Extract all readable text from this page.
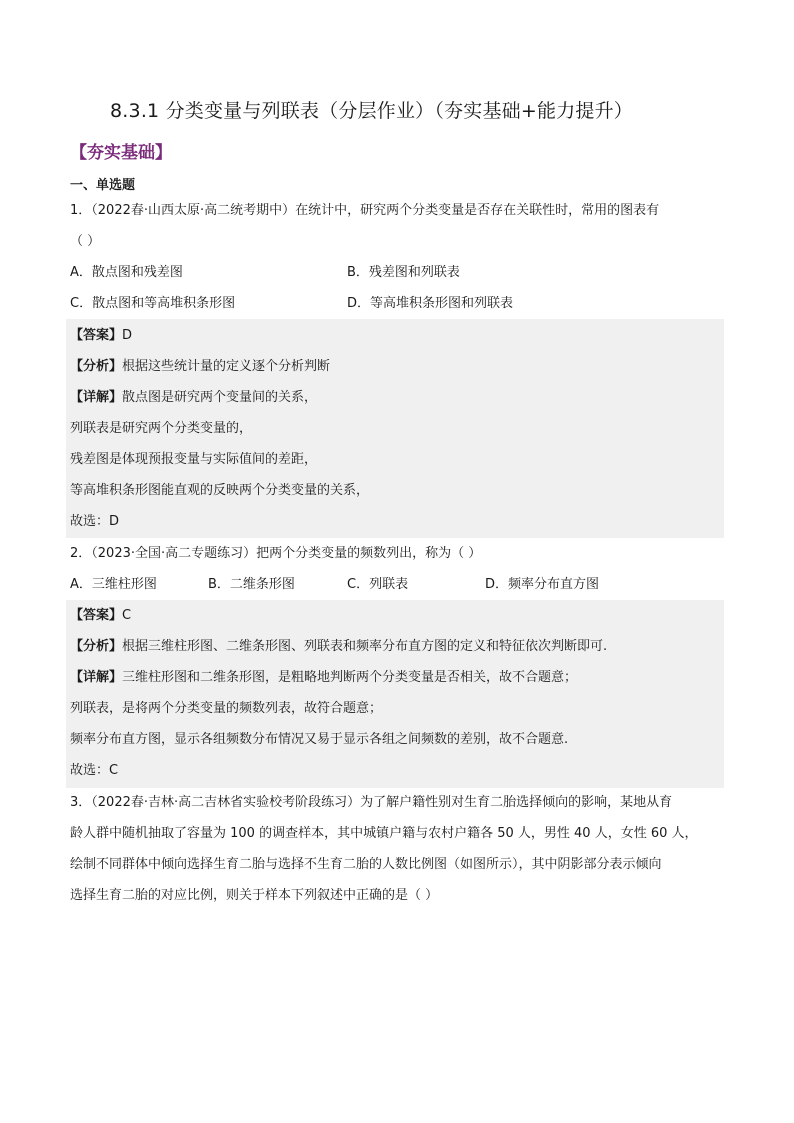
8.3.1 分类变量与列联表（分层作业）（夯实基础+能力提升）
【夯实基础】
一、单选题
1．（2022春·山西太原·高二统考期中）在统计中，研究两个分类变量是否存在关联性时，常用的图表有
（ ）
A．散点图和残差图	B．残差图和列联表
C．散点图和等高堆积条形图	D．等高堆积条形图和列联表
【答案】D
【分析】根据这些统计量的定义逐个分析判断
【详解】散点图是研究两个变量间的关系，
列联表是研究两个分类变量的，
残差图是体现预报变量与实际值间的差距，
等高堆积条形图能直观的反映两个分类变量的关系，
故选：D
2．（2023·全国·高二专题练习）把两个分类变量的频数列出，称为（ ）
A．三维柱形图	B．二维条形图	C．列联表	D．频率分布直方图
【答案】C
【分析】根据三维柱形图、二维条形图、列联表和频率分布直方图的定义和特征依次判断即可.
【详解】三维柱形图和二维条形图，是粗略地判断两个分类变量是否相关，故不合题意；
列联表，是将两个分类变量的频数列表，故符合题意；
频率分布直方图，显示各组频数分布情况又易于显示各组之间频数的差别，故不合题意.
故选：C
3．（2022春·吉林·高二吉林省实验校考阶段练习）为了解户籍性别对生育二胎选择倾向的影响，某地从育
龄人群中随机抽取了容量为 100 的调查样本，其中城镇户籍与农村户籍各 50 人，男性 40 人，女性 60 人，
绘制不同群体中倾向选择生育二胎与选择不生育二胎的人数比例图（如图所示），其中阴影部分表示倾向
选择生育二胎的对应比例，则关于样本下列叙述中正确的是（ ）
